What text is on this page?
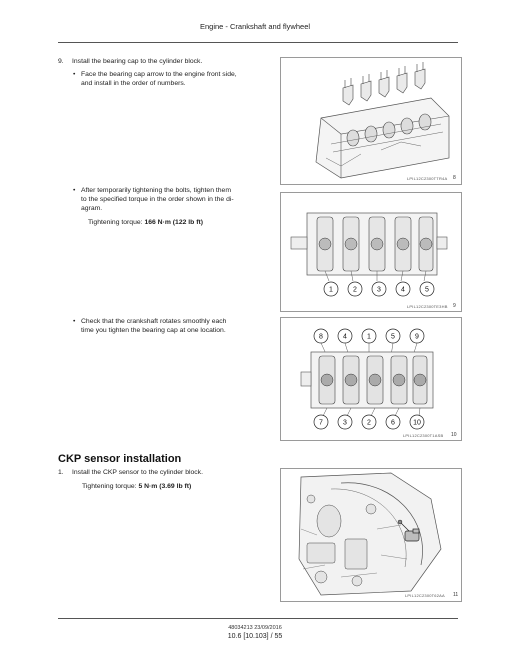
Engine - Crankshaft and flywheel
9. Install the bearing cap to the cylinder block.
• Face the bearing cap arrow to the engine front side,
and install in the order of numbers.
• After temporarily tightening the bolts, tighten them
to the specified torque in the order shown in the di-
agram.
Tightening torque: 166 N·m (122 lb ft)
• Check that the crankshaft rotates smoothly each
time you tighten the bearing cap at one location.
LPIL12C2300TTR4A 8
1	2	3	4	5
LPIL12C2300TE3HB 9
8	4	1	5	9
7	3	2	6	10
LPIL12C2300T1ASB 10
CKP sensor installation
1. Install the CKP sensor to the cylinder block.
Tightening torque: 5 N·m (3.69 lb ft)
LPIL12C2300T62AA 11
48034213 23/09/2016
10.6 [10.103] / 55
